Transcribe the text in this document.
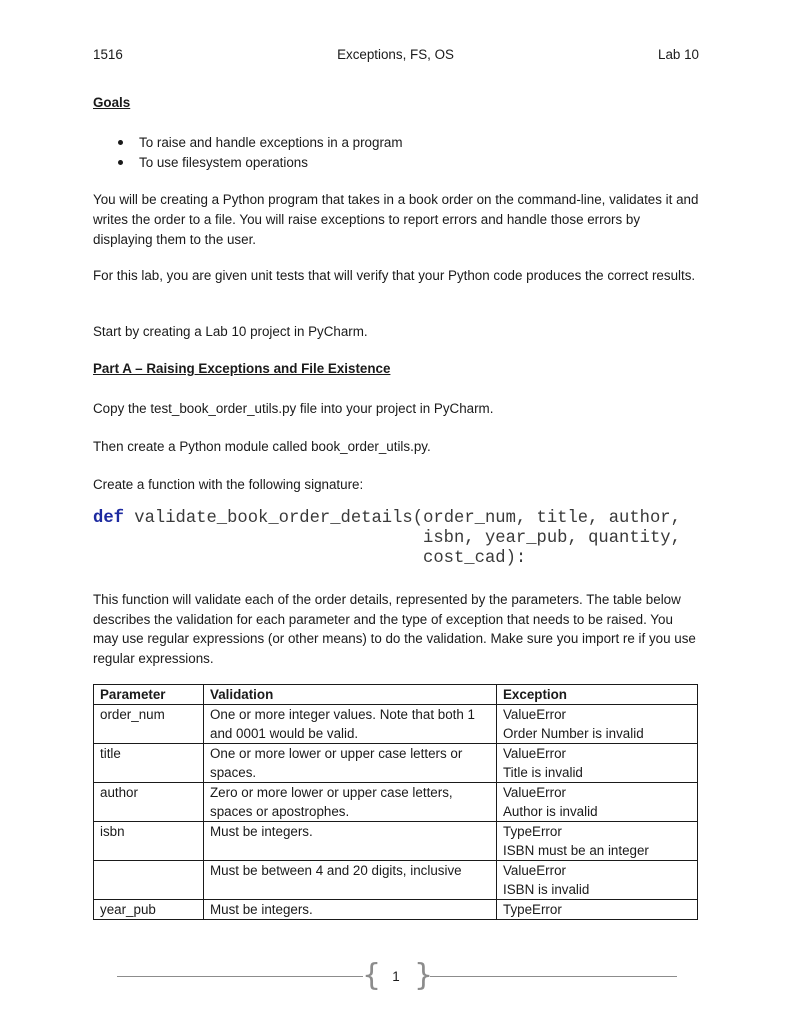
1516	Exceptions, FS, OS	Lab 10
Goals
To raise and handle exceptions in a program
To use filesystem operations

You will be creating a Python program that takes in a book order on the command-line, validates it and writes the order to a file. You will raise exceptions to report errors and handle those errors by displaying them to the user.

For this lab, you are given unit tests that will verify that your Python code produces the correct results.

Start by creating a Lab 10 project in PyCharm.

Part A – Raising Exceptions and File Existence

Copy the test_book_order_utils.py file into your project in PyCharm.

Then create a Python module called book_order_utils.py.

Create a function with the following signature:

def validate_book_order_details(order_num, title, author,
isbn, year_pub, quantity,
cost_cad):

This function will validate each of the order details, represented by the parameters. The table below describes the validation for each parameter and the type of exception that needs to be raised. You may use regular expressions (or other means) to do the validation. Make sure you import re if you use regular expressions.

Parameter	Validation	Exception
order_num	One or more integer values. Note that both 1 and 0001 would be valid.	ValueError
Order Number is invalid

title	One or more lower or upper case letters or spaces.	ValueError
Title is invalid

author	Zero or more lower or upper case letters, spaces or apostrophes.	ValueError
Author is invalid

isbn	Must be integers.	TypeError
ISBN must be an integer

	Must be between 4 and 20 digits, inclusive	ValueError
ISBN is invalid

year_pub	Must be integers.	TypeError
{ }
1
